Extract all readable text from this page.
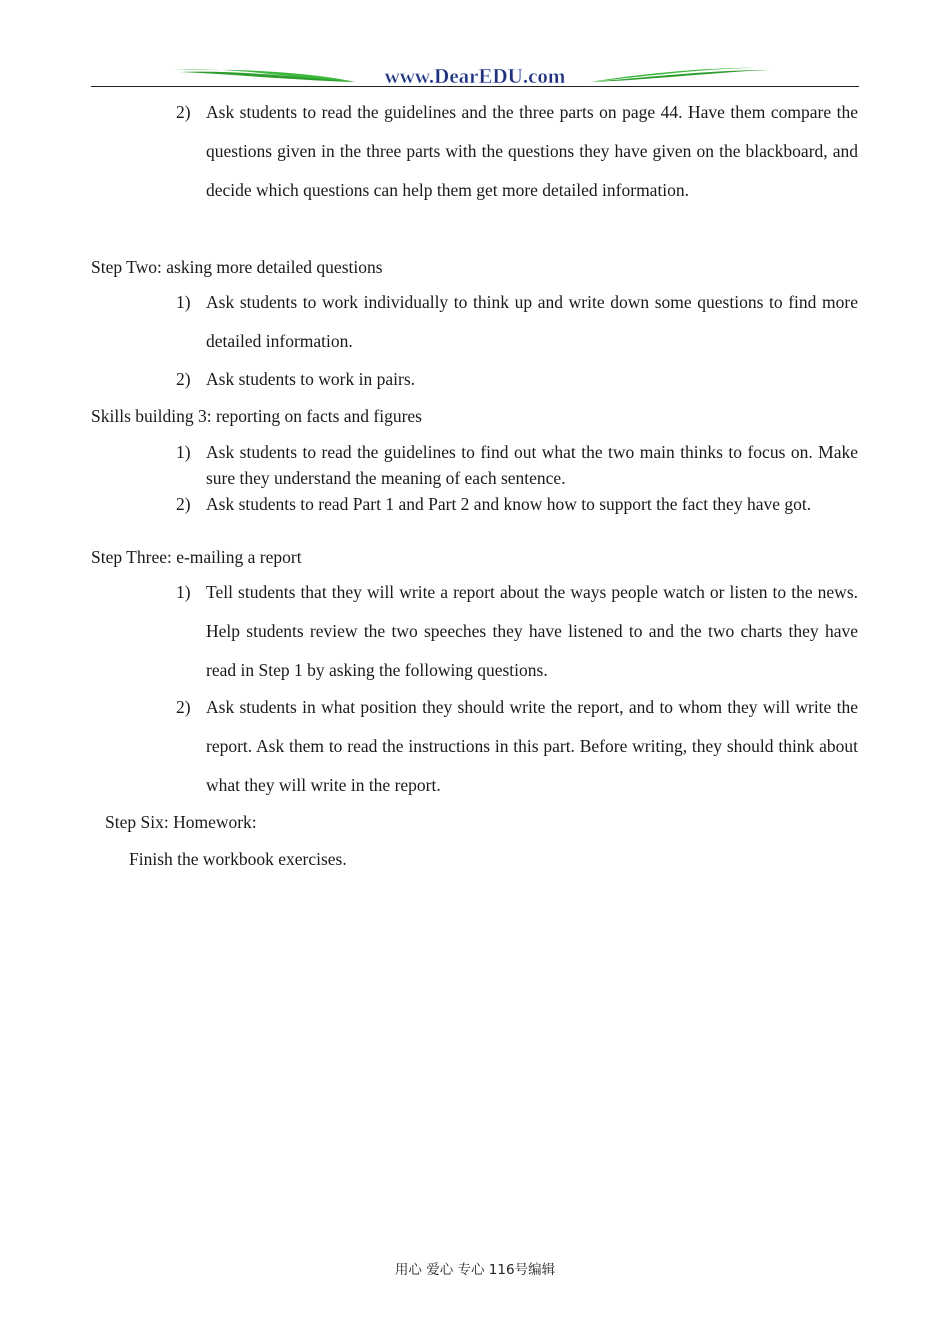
www.DearEDU.com
2) Ask students to read the guidelines and the three parts on page 44. Have them compare the questions given in the three parts with the questions they have given on the blackboard, and decide which questions can help them get more detailed information.
Step Two: asking more detailed questions
1) Ask students to work individually to think up and write down some questions to find more detailed information.
2) Ask students to work in pairs.
Skills building 3: reporting on facts and figures
1) Ask students to read the guidelines to find out what the two main thinks to focus on. Make sure they understand the meaning of each sentence.
2) Ask students to read Part 1 and Part 2 and know how to support the fact they have got.
Step Three: e-mailing a report
1) Tell students that they will write a report about the ways people watch or listen to the news. Help students review the two speeches they have listened to and the two charts they have read in Step 1 by asking the following questions.
2) Ask students in what position they should write the report, and to whom they will write the report. Ask them to read the instructions in this part. Before writing, they should think about what they will write in the report.
Step Six: Homework:
Finish the workbook exercises.
用心 爱心 专心 116号编辑
